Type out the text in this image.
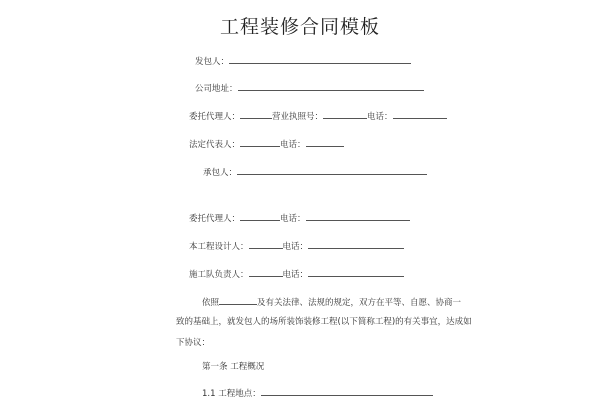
工程装修合同模板
发包人：
公司地址：
委托代理人：	营业执照号：	电话：
法定代表人：	电话：
承包人：
委托代理人：	电话：
本工程设计人：	电话：
施工队负责人：	电话：
依照	及有关法律、法规的规定，双方在平等、自愿、协商一
致的基础上，就发包人的场所装饰装修工程(以下简称工程)的有关事宜，达成如
下协议：
第一条 工程概况
1.1 工程地点：
